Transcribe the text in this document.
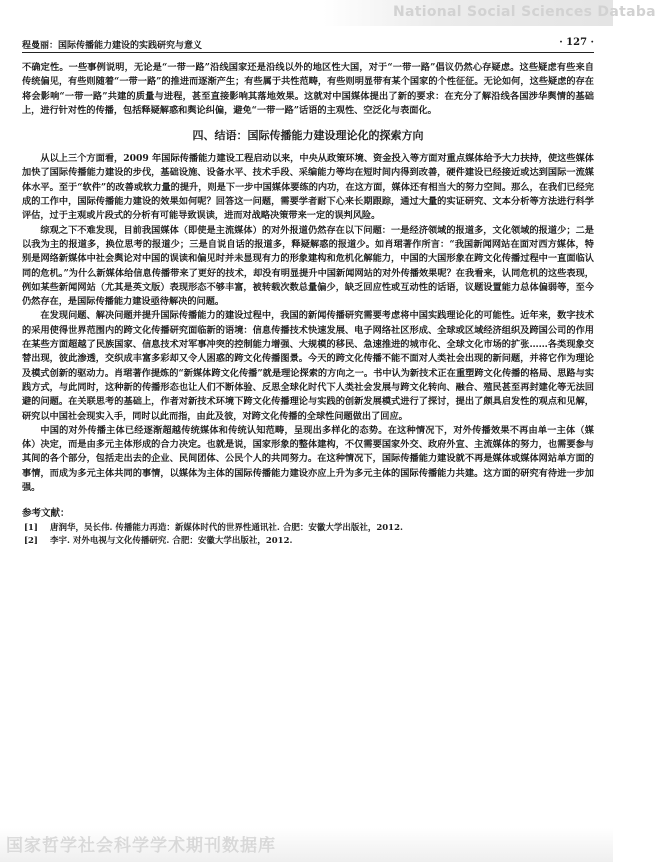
National Social Sciences Databa
程曼丽：国际传播能力建设的实践研究与意义	· 127 ·

不确定性。一些事例说明，无论是“一带一路”沿线国家还是沿线以外的地区性大国，对于“一带一路”倡议仍然心存疑虑。这些疑虑有些来自传统偏见，有些则随着“一带一路”的推进而逐渐产生；有些属于共性范畴，有些则明显带有某个国家的个性征征。无论如何，这些疑虑的存在将会影响“一带一路”共建的质量与进程，甚至直接影响其落地效果。这就对中国媒体提出了新的要求：在充分了解沿线各国涉华舆情的基础上，进行针对性的传播，包括释疑解惑和舆论纠偏，避免“一带一路”话语的主观性、空泛化与表面化。

四、结语：国际传播能力建设理论化的探索方向

从以上三个方面看，2009 年国际传播能力建设工程启动以来，中央从政策环境、资金投入等方面对重点媒体给予大力扶持，使这些媒体加快了国际传播能力建设的步伐，基础设施、设备水平、技术手段、采编能力等均在短时间内得到改善，硬件建设已经接近或达到国际一流媒体水平。至于“软件”的改善或软力量的提升，则是下一步中国媒体要练的内功，在这方面，媒体还有相当大的努力空间。那么，在我们已经完成的工作中，国际传播能力建设的效果如何呢？回答这一问题，需要学者耐下心来长期跟踪，通过大量的实证研究、文本分析等方法进行科学评估，过于主观或片段式的分析有可能导致误读，进而对战略决策带来一定的误判风险。

综观之下不难发现，目前我国媒体（即使是主流媒体）的对外报道仍然存在以下问题：一是经济领域的报道多，文化领域的报道少；二是以我为主的报道多，换位思考的报道少；三是自说自话的报道多，释疑解惑的报道少。如肖珺著作所言：“我国新闻网站在面对西方媒体，特别是网络新媒体中社会舆论对中国的误读和偏见时并未显现有力的形象建构和危机化解能力，中国的大国形象在跨文化传播过程中一直面临认同的危机。”为什么新媒体给信息传播带来了更好的技术，却没有明显提升中国新闻网站的对外传播效果呢？在我看来，认同危机的这些表现，例如某些新闻网站（尤其是英文版）表现形态不够丰富，被转载次数总量偏少，缺乏回应性或互动性的话语，议题设置能力总体偏弱等，至今仍然存在，是国际传播能力建设亟待解决的问题。

在发现问题、解决问题并提升国际传播能力的建设过程中，我国的新闻传播研究需要考虑将中国实践理论化的可能性。近年来，数字技术的采用使得世界范围内的跨文化传播研究面临新的语境：信息传播技术快速发展、电子网络社区形成、全球或区域经济组织及跨国公司的作用在某些方面超越了民族国家、信息技术对军事冲突的控制能力增强、大规模的移民、急速推进的城市化、全球文化市场的扩张……各类现象交替出现，彼此渗透，交织成丰富多彩却又令人困惑的跨文化传播图景。今天的跨文化传播不能不面对人类社会出现的新问题，并将它作为理论及模式创新的驱动力。肖珺著作提炼的“新媒体跨文化传播”就是理论探索的方向之一。书中认为新技术正在重塑跨文化传播的格局、思路与实践方式，与此同时，这种新的传播形态也让人们不断体验、反思全球化时代下人类社会发展与跨文化转向、融合、殖民甚至再封建化等无法回避的问题。在关联思考的基础上，作者对新技术环境下跨文化传播理论与实践的创新发展模式进行了探讨，提出了颇具启发性的观点和见解，研究以中国社会现实入手，同时以此而指，由此及彼，对跨文化传播的全球性问题做出了回应。

中国的对外传播主体已经逐渐超越传统媒体和传统认知范畴，呈现出多样化的态势。在这种情况下，对外传播效果不再由单一主体（媒体）决定，而是由多元主体形成的合力决定。也就是说，国家形象的整体建构，不仅需要国家外交、政府外宣、主流媒体的努力，也需要参与其间的各个部分，包括走出去的企业、民间团体、公民个人的共同努力。在这种情况下，国际传播能力建设就不再是媒体或媒体网站单方面的事情，而成为多元主体共同的事情，以媒体为主体的国际传播能力建设亦应上升为多元主体的国际传播能力共建。这方面的研究有待进一步加强。

参考文献：
[1] 唐润华，吴长伟. 传播能力再造：新媒体时代的世界性通讯社. 合肥：安徽大学出版社，2012.
[2] 李宇. 对外电视与文化传播研究. 合肥：安徽大学出版社，2012.
国家哲学社会科学学术期刊数据库
